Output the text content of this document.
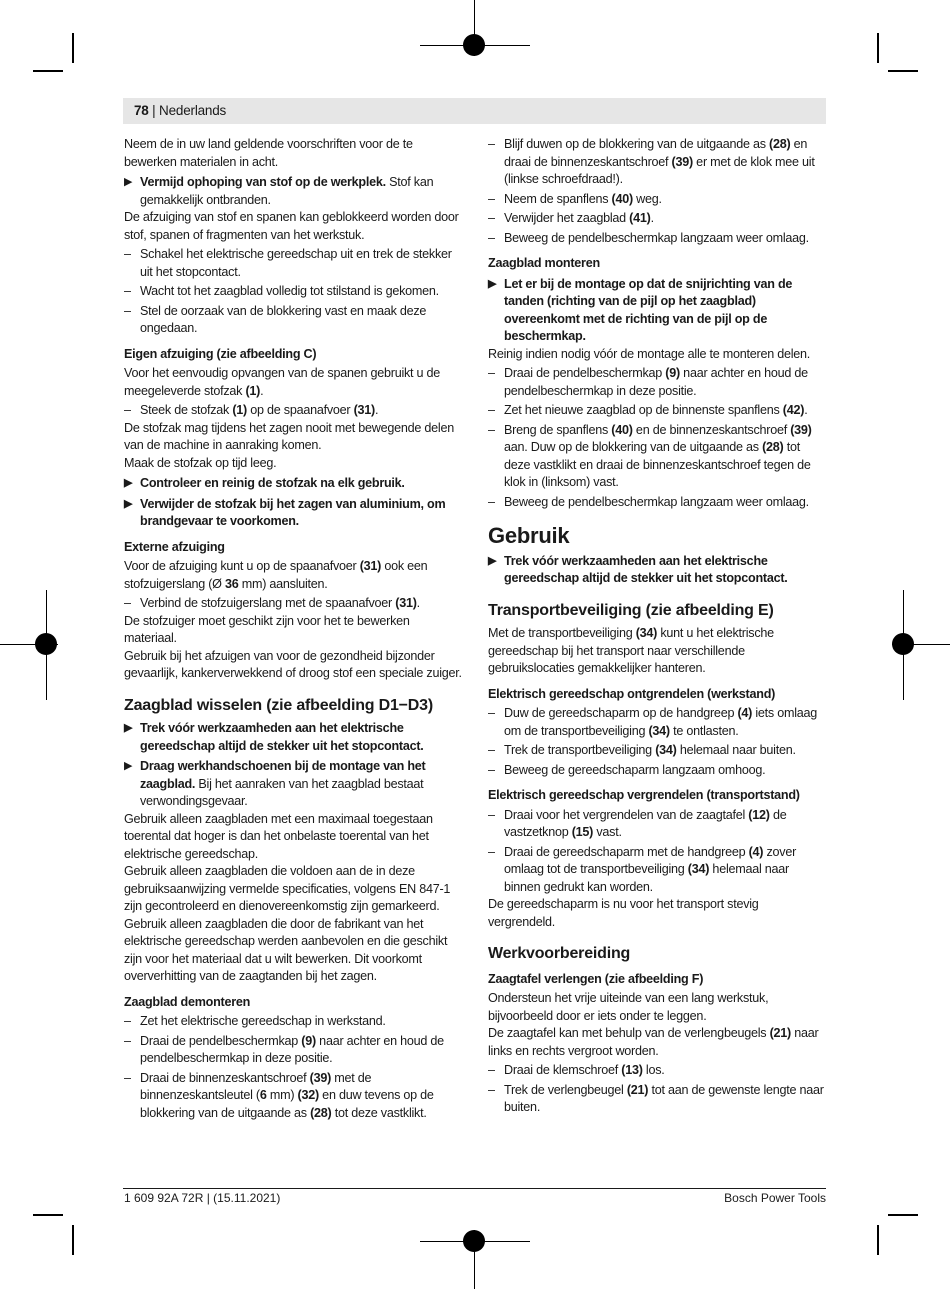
78 | Nederlands

Neem de in uw land geldende voorschriften voor de te bewerken materialen in acht.

▶ Vermijd ophoping van stof op de werkplek. Stof kan gemakkelijk ontbranden.

De afzuiging van stof en spanen kan geblokkeerd worden door stof, spanen of fragmenten van het werkstuk.

– Schakel het elektrische gereedschap uit en trek de stekker uit het stopcontact.
– Wacht tot het zaagblad volledig tot stilstand is gekomen.
– Stel de oorzaak van de blokkering vast en maak deze ongedaan.
Eigen afzuiging (zie afbeelding C)

Voor het eenvoudig opvangen van de spanen gebruikt u de meegeleverde stofzak (1).

– Steek de stofzak (1) op de spaanafvoer (31).

De stofzak mag tijdens het zagen nooit met bewegende delen van de machine in aanraking komen.

Maak de stofzak op tijd leeg.

▶ Controleer en reinig de stofzak na elk gebruik.
▶ Verwijder de stofzak bij het zagen van aluminium, om brandgevaar te voorkomen.
Externe afzuiging

Voor de afzuiging kunt u op de spaanafvoer (31) ook een stofzuigerslang (Ø 36 mm) aansluiten.

– Verbind de stofzuigerslang met de spaanafvoer (31).

De stofzuiger moet geschikt zijn voor het te bewerken materiaal.

Gebruik bij het afzuigen van voor de gezondheid bijzonder gevaarlijk, kankerverwekkend of droog stof een speciale zuiger.

Zaagblad wisselen (zie afbeelding D1−D3)
▶ Trek vóór werkzaamheden aan het elektrische gereedschap altijd de stekker uit het stopcontact.
▶ Draag werkhandschoenen bij de montage van het zaagblad. Bij het aanraken van het zaagblad bestaat verwondingsgevaar.

Gebruik alleen zaagbladen met een maximaal toegestaan toerental dat hoger is dan het onbelaste toerental van het elektrische gereedschap.

Gebruik alleen zaagbladen die voldoen aan de in deze gebruiksaanwijzing vermelde specificaties, volgens EN 847-1 zijn gecontroleerd en dienovereenkomstig zijn gemarkeerd.

Gebruik alleen zaagbladen die door de fabrikant van het elektrische gereedschap werden aanbevolen en die geschikt zijn voor het materiaal dat u wilt bewerken. Dit voorkomt oververhitting van de zaagtanden bij het zagen.

Zaagblad demonteren
– Zet het elektrische gereedschap in werkstand.
– Draai de pendelbeschermkap (9) naar achter en houd de pendelbeschermkap in deze positie.
– Draai de binnenzeskantschroef (39) met de binnenzeskantsleutel (6 mm) (32) en duw tevens op de blokkering van de uitgaande as (28) tot deze vastklikt.
– Blijf duwen op de blokkering van de uitgaande as (28) en draai de binnenzeskantschroef (39) er met de klok mee uit (linkse schroefdraad!).
– Neem de spanflens (40) weg.
– Verwijder het zaagblad (41).
– Beweeg de pendelbeschermkap langzaam weer omlaag.
Zaagblad monteren
▶ Let er bij de montage op dat de snijrichting van de tanden (richting van de pijl op het zaagblad) overeenkomt met de richting van de pijl op de beschermkap.

Reinig indien nodig vóór de montage alle te monteren delen.

– Draai de pendelbeschermkap (9) naar achter en houd de pendelbeschermkap in deze positie.
– Zet het nieuwe zaagblad op de binnenste spanflens (42).
– Breng de spanflens (40) en de binnenzeskantschroef (39) aan. Duw op de blokkering van de uitgaande as (28) tot deze vastklikt en draai de binnenzeskantschroef tegen de klok in (linksom) vast.
– Beweeg de pendelbeschermkap langzaam weer omlaag.
Gebruik
▶ Trek vóór werkzaamheden aan het elektrische gereedschap altijd de stekker uit het stopcontact.
Transportbeveiliging (zie afbeelding E)

Met de transportbeveiliging (34) kunt u het elektrische gereedschap bij het transport naar verschillende gebruikslocaties gemakkelijker hanteren.

Elektrisch gereedschap ontgrendelen (werkstand)
– Duw de gereedschaparm op de handgreep (4) iets omlaag om de transportbeveiliging (34) te ontlasten.
– Trek de transportbeveiliging (34) helemaal naar buiten.
– Beweeg de gereedschaparm langzaam omhoog.
Elektrisch gereedschap vergrendelen (transportstand)
– Draai voor het vergrendelen van de zaagtafel (12) de vastzetknop (15) vast.
– Draai de gereedschaparm met de handgreep (4) zover omlaag tot de transportbeveiliging (34) helemaal naar binnen gedrukt kan worden.

De gereedschaparm is nu voor het transport stevig vergrendeld.

Werkvoorbereiding
Zaagtafel verlengen (zie afbeelding F)

Ondersteun het vrije uiteinde van een lang werkstuk, bijvoorbeeld door er iets onder te leggen.

De zaagtafel kan met behulp van de verlengbeugels (21) naar links en rechts vergroot worden.

– Draai de klemschroef (13) los.
– Trek de verlengbeugel (21) tot aan de gewenste lengte naar buiten.
1 609 92A 72R | (15.11.2021)	Bosch Power Tools
